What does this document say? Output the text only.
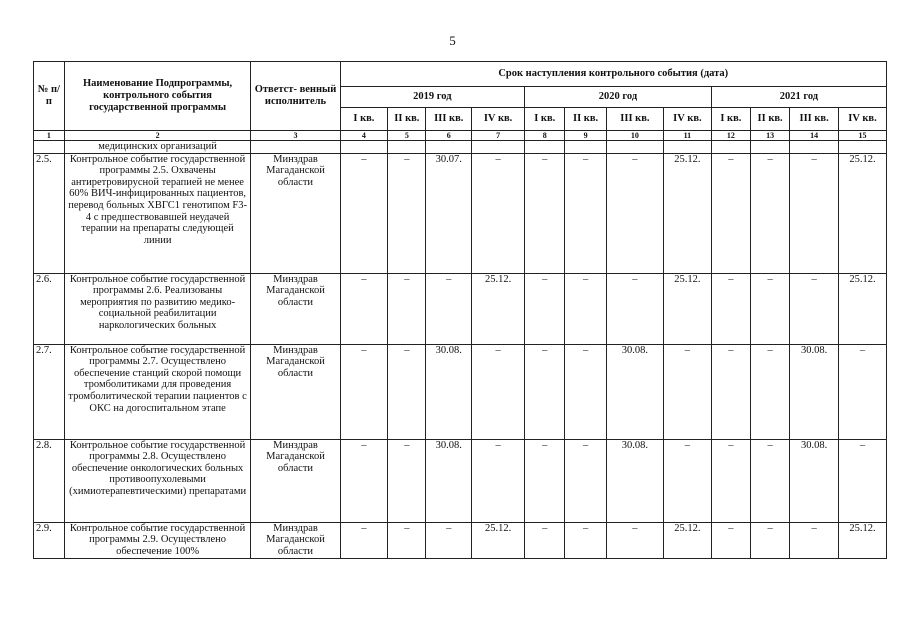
5
№ п/п	Наименование Подпрограммы, контрольного события государственной программы	Ответст- венный исполнитель	Срок наступления контрольного события (дата)											
			2019 год				2020 год				2021 год			
			I кв.	II кв.	III кв.	IV кв.	I кв.	II кв.	III кв.	IV кв.	I кв.	II кв.	III кв.	IV кв.
1	2	3	4	5	6	7	8	9	10	11	12	13	14	15
	медицинских организаций													
2.5.	Контрольное событие государственной программы 2.5. Охвачены антиретровирусной терапией не менее 60% ВИЧ-инфицированных пациентов, перевод больных ХВГС1 генотипом F3-4 с предшествовавшей неудачей терапии на препараты следующей линии	Минздрав Магаданской области	–	–	30.07.	–	–	–	–	25.12.	–	–	–	25.12.
2.6.	Контрольное событие государственной программы 2.6. Реализованы мероприятия по развитию медико-социальной реабилитации наркологических больных	Минздрав Магаданской области	–	–	–	25.12.	–	–	–	25.12.	–	–	–	25.12.
2.7.	Контрольное событие государственной программы 2.7. Осуществлено обеспечение станций скорой помощи тромболитиками для проведения тромболитической терапии пациентов с ОКС на догоспитальном этапе	Минздрав Магаданской области	–	–	30.08.	–	–	–	30.08.	–	–	–	30.08.	–
2.8.	Контрольное событие государственной программы 2.8. Осуществлено обеспечение онкологических больных противоопухолевыми (химиотерапевтическими) препаратами	Минздрав Магаданской области	–	–	30.08.	–	–	–	30.08.	–	–	–	30.08.	–
2.9.	Контрольное событие государственной программы 2.9. Осуществлено обеспечение 100%	Минздрав Магаданской области	–	–	–	25.12.	–	–	–	25.12.	–	–	–	25.12.
